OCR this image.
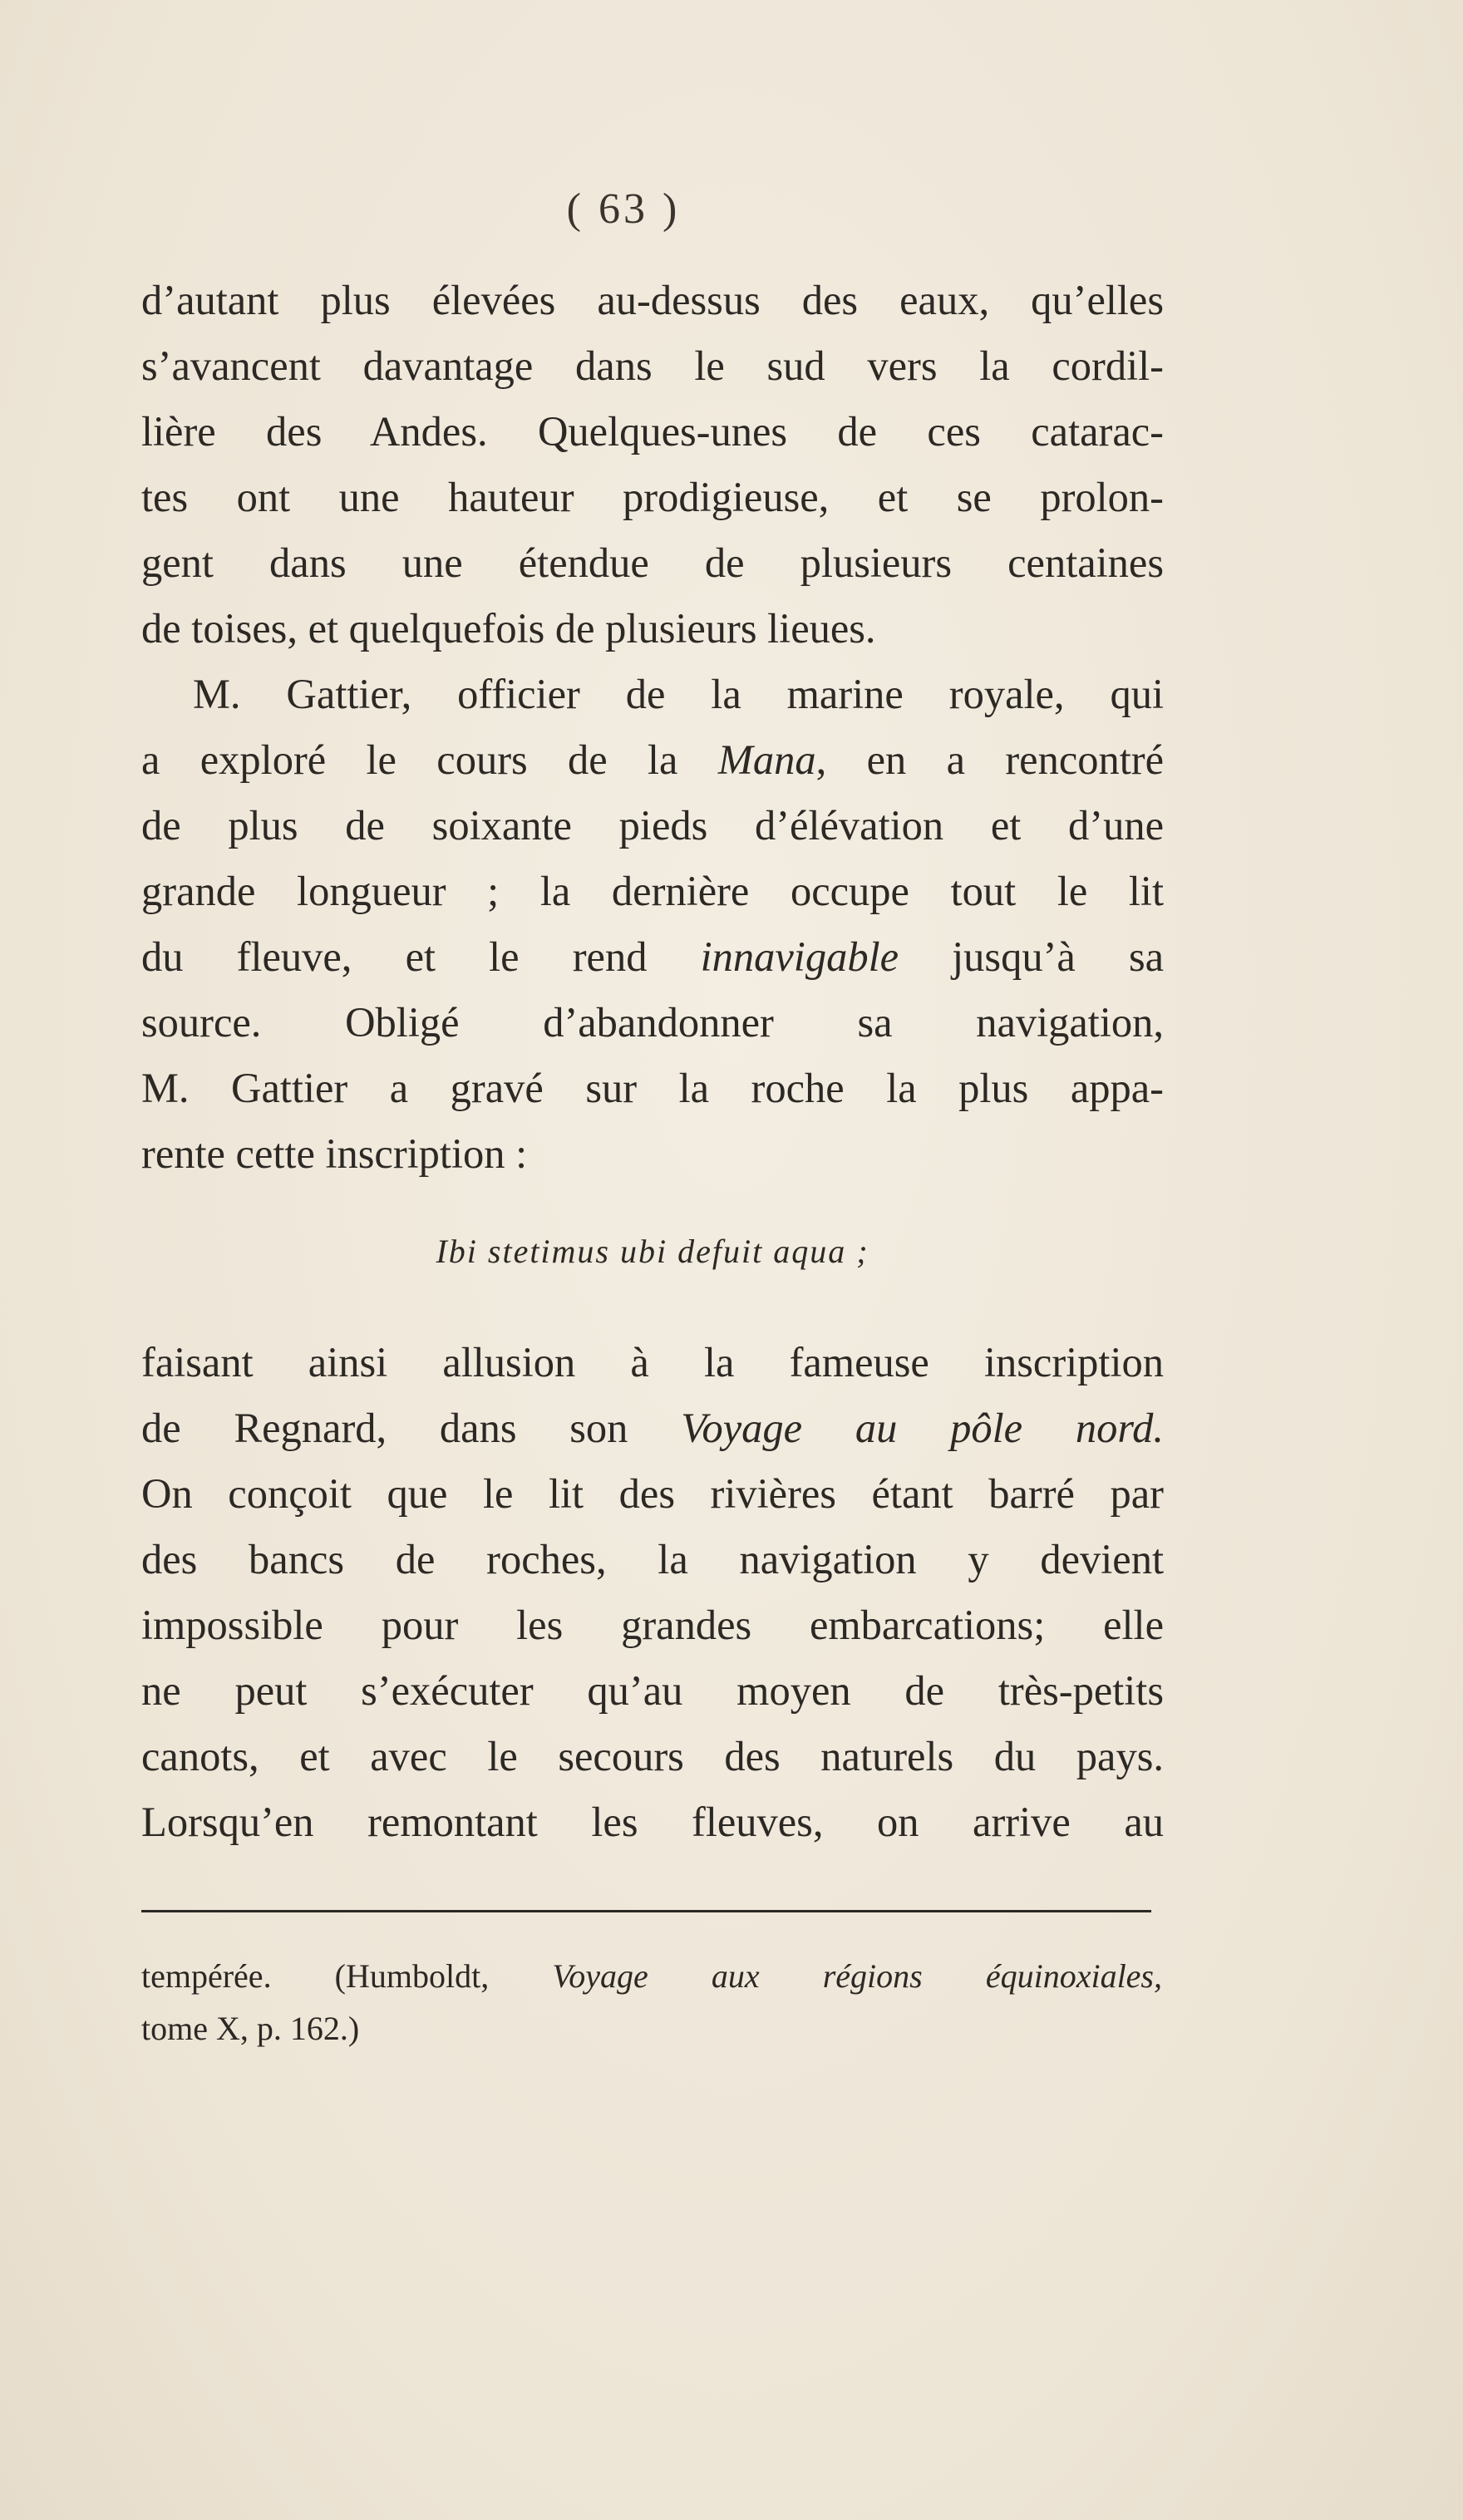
( 63 )
d’autant plus élevées au-dessus des eaux, qu’elles
s’avancent davantage dans le sud vers la cordil-
lière des Andes. Quelques-unes de ces catarac-
tes ont une hauteur prodigieuse, et se prolon-
gent dans une étendue de plusieurs centaines
de toises, et quelquefois de plusieurs lieues.
M. Gattier, officier de la marine royale, qui
a exploré le cours de la Mana, en a rencontré
de plus de soixante pieds d’élévation et d’une
grande longueur ; la dernière occupe tout le lit
du fleuve, et le rend innavigable jusqu’à sa
source. Obligé d’abandonner sa navigation,
M. Gattier a gravé sur la roche la plus appa-
rente cette inscription :
Ibi stetimus ubi defuit aqua ;
faisant ainsi allusion à la fameuse inscription
de Regnard, dans son Voyage au pôle nord.
On conçoit que le lit des rivières étant barré par
des bancs de roches, la navigation y devient
impossible pour les grandes embarcations; elle
ne peut s’exécuter qu’au moyen de très-petits
canots, et avec le secours des naturels du pays.
Lorsqu’en remontant les fleuves, on arrive au
tempérée. (Humboldt, Voyage aux régions équinoxiales,
tome X, p. 162.)
